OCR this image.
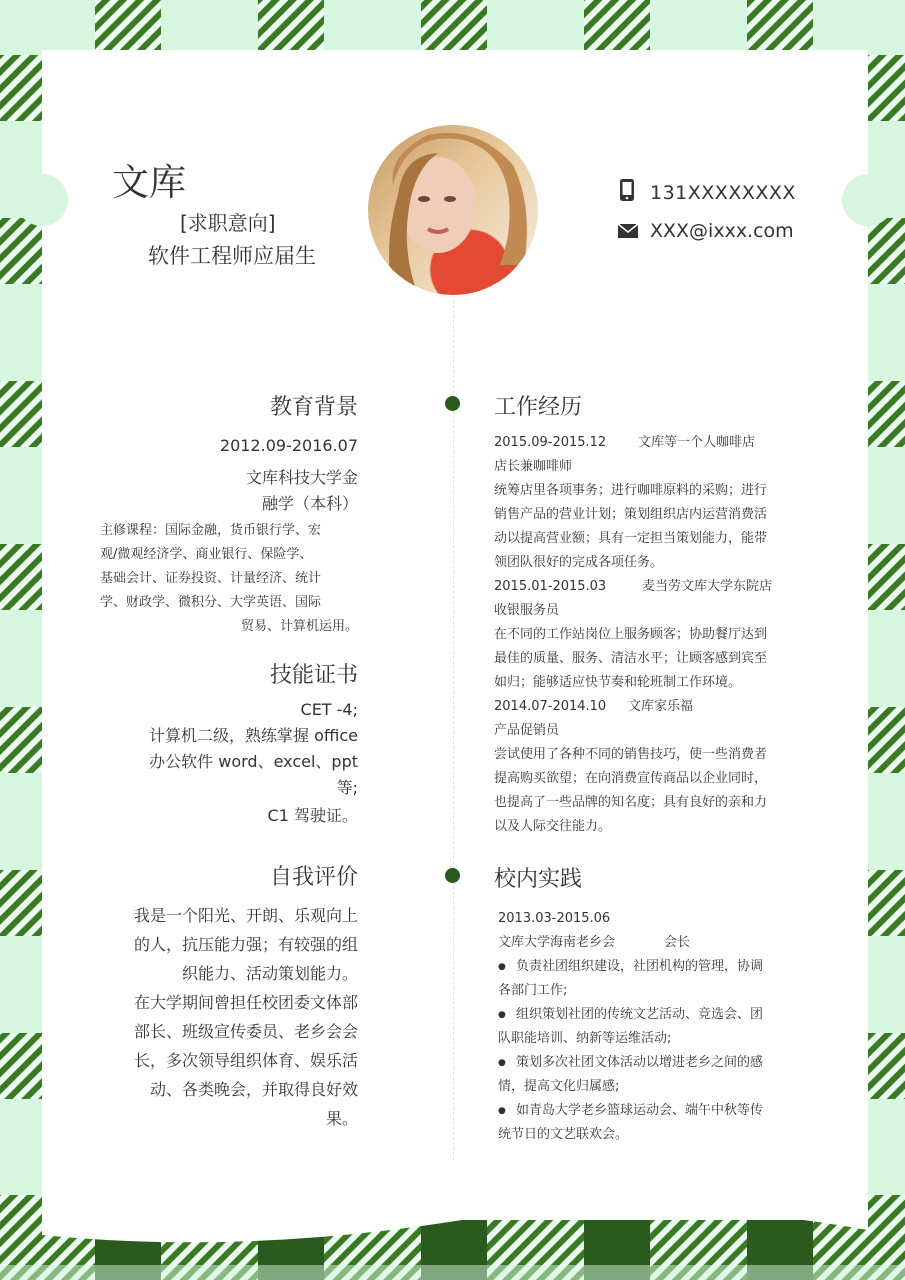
文库
[求职意向]
软件工程师应届生
131XXXXXXXX
XXX@ixxx.com
教育背景
2012.09-2016.07
文库科技大学金
融学（本科）
主修课程：国际金融，货币银行学、宏
观/微观经济学、商业银行、保险学、
基础会计、证券投资、计量经济、统计
学、财政学、微积分、大学英语、国际
贸易、计算机运用。
技能证书
CET -4;
计算机二级，熟练掌握 office
办公软件 word、excel、ppt
等;
C1 驾驶证。
自我评价
我是一个阳光、开朗、乐观向上
的人，抗压能力强；有较强的组
织能力、活动策划能力。
在大学期间曾担任校团委文体部
部长、班级宣传委员、老乡会会
长，多次领导组织体育、娱乐活
动、各类晚会，并取得良好效
果。
工作经历
2015.09-2015.12 文库等一个人咖啡店
店长兼咖啡师
统筹店里各项事务；进行咖啡原料的采购；进行
销售产品的营业计划；策划组织店内运营消费活
动以提高营业额；具有一定担当策划能力，能带
领团队很好的完成各项任务。
2015.01-2015.03	麦当劳文库大学东院店
收银服务员
在不同的工作站岗位上服务顾客；协助餐厅达到
最佳的质量、服务、清洁水平；让顾客感到宾至
如归；能够适应快节奏和轮班制工作环境。
2014.07-2014.10 文库家乐福
产品促销员
尝试使用了各种不同的销售技巧，使一些消费者
提高购买欲望；在向消费宣传商品以企业同时，
也提高了一些品牌的知名度；具有良好的亲和力
以及人际交往能力。
校内实践
2013.03-2015.06
文库大学海南老乡会	会长
● 负责社团组织建设，社团机构的管理，协调
各部门工作;
● 组织策划社团的传统文艺活动、竞选会、团
队职能培训、纳新等运维活动;
● 策划多次社团文体活动以增进老乡之间的感
情，提高文化归属感;
● 如青岛大学老乡篮球运动会、端午中秋等传
统节日的文艺联欢会。
